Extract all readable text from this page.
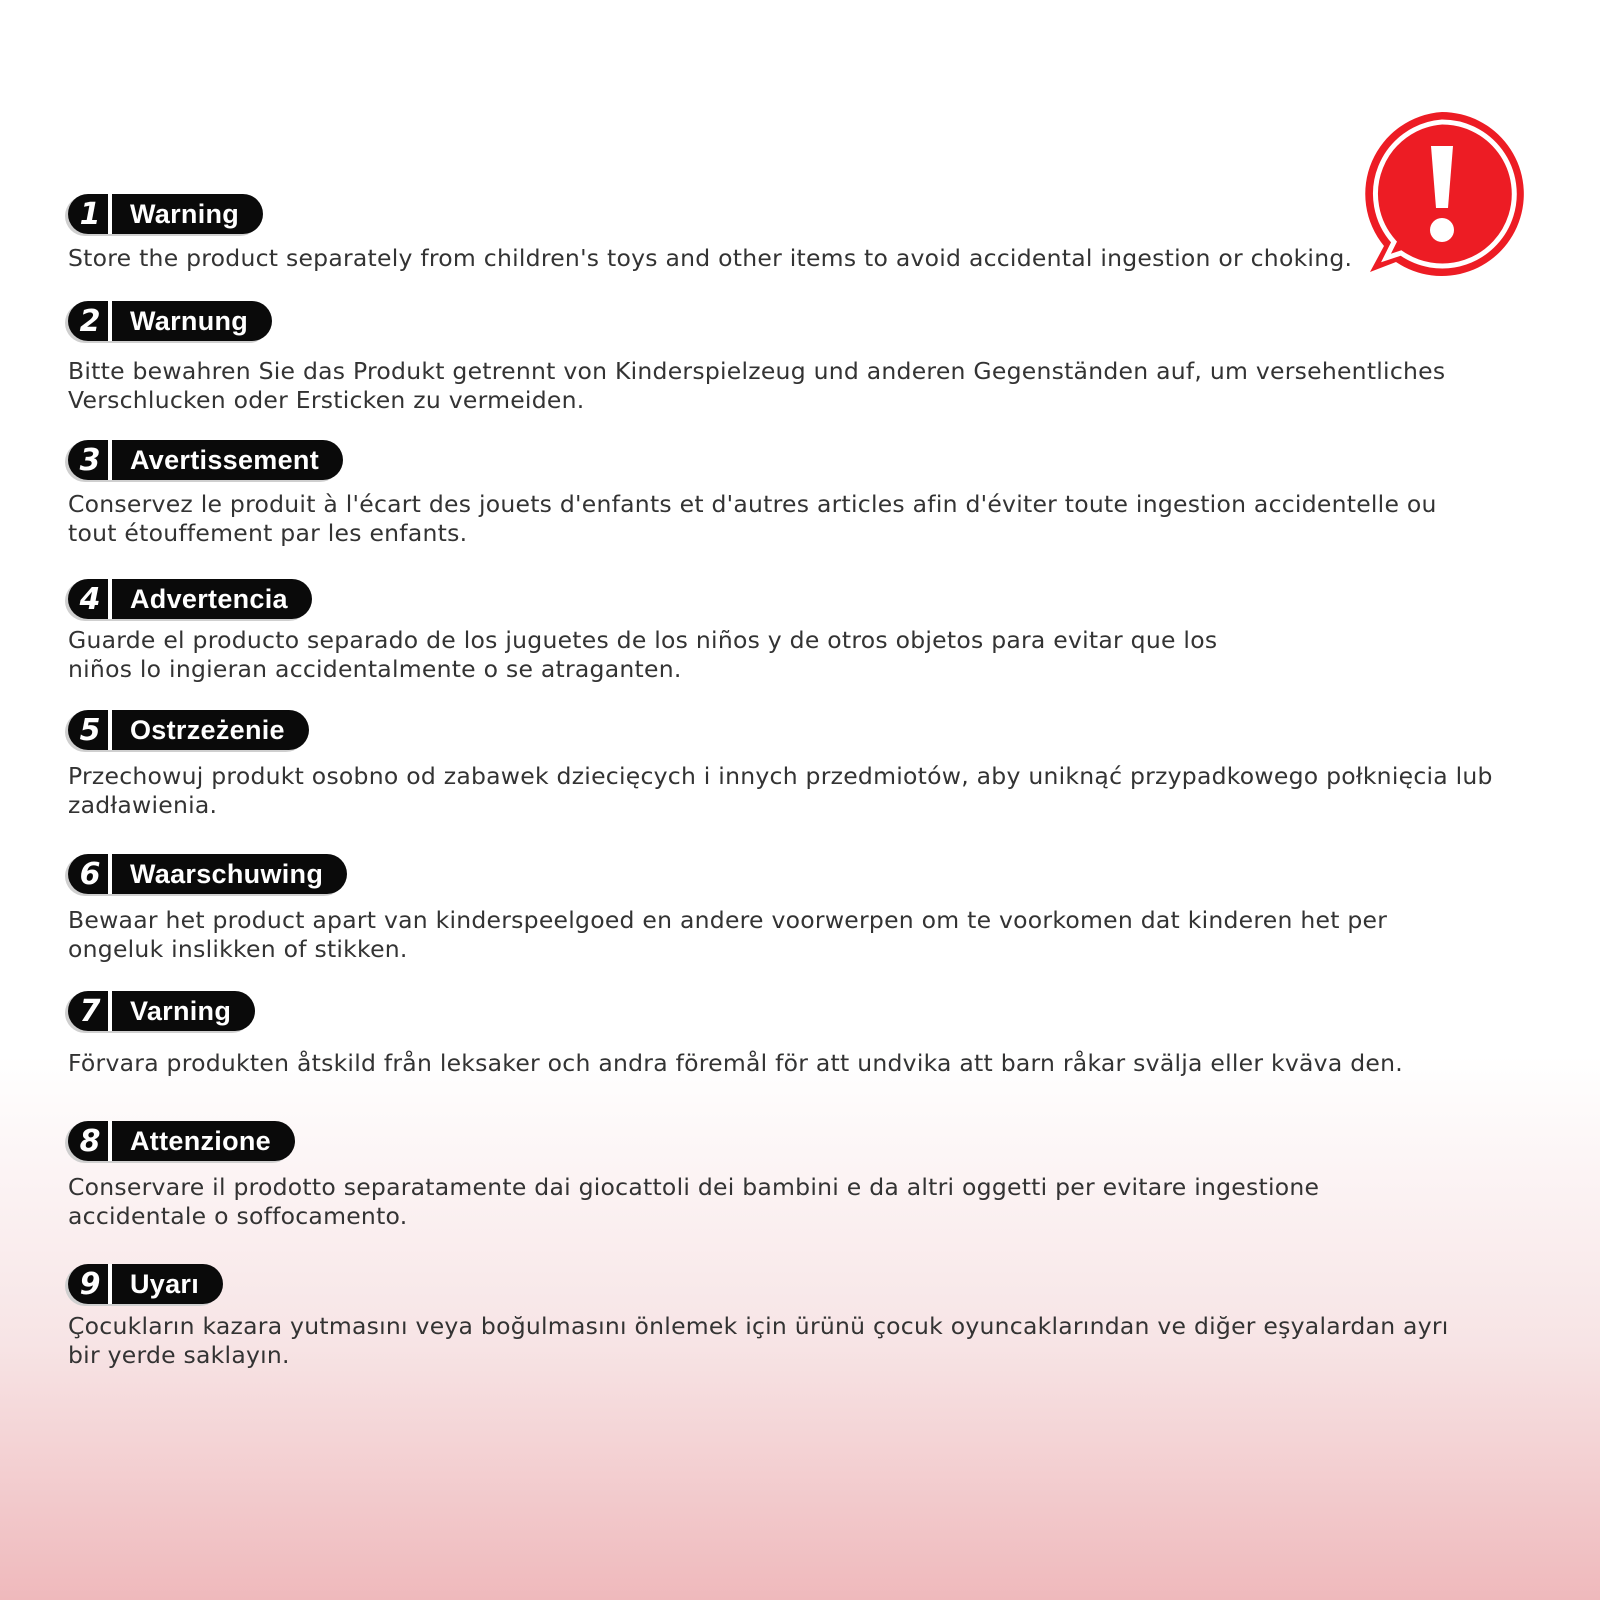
1	Warning

Store the product separately from children's toys and other items to avoid accidental ingestion or choking.

2	Warnung

Bitte bewahren Sie das Produkt getrennt von Kinderspielzeug und anderen Gegenständen auf, um versehentliches Verschlucken oder Ersticken zu vermeiden.

3	Avertissement

Conservez le produit à l'écart des jouets d'enfants et d'autres articles afin d'éviter toute ingestion accidentelle ou tout étouffement par les enfants.

4	Advertencia

Guarde el producto separado de los juguetes de los niños y de otros objetos para evitar que los niños lo ingieran accidentalmente o se atraganten.

5	Ostrzeżenie

Przechowuj produkt osobno od zabawek dziecięcych i innych przedmiotów, aby uniknąć przypadkowego połknięcia lub zadławienia.

6	Waarschuwing

Bewaar het product apart van kinderspeelgoed en andere voorwerpen om te voorkomen dat kinderen het per ongeluk inslikken of stikken.

7	Varning

Förvara produkten åtskild från leksaker och andra föremål för att undvika att barn råkar svälja eller kväva den.

8	Attenzione

Conservare il prodotto separatamente dai giocattoli dei bambini e da altri oggetti per evitare ingestione accidentale o soffocamento.

9	Uyarı

Çocukların kazara yutmasını veya boğulmasını önlemek için ürünü çocuk oyuncaklarından ve diğer eşyalardan ayrı bir yerde saklayın.
